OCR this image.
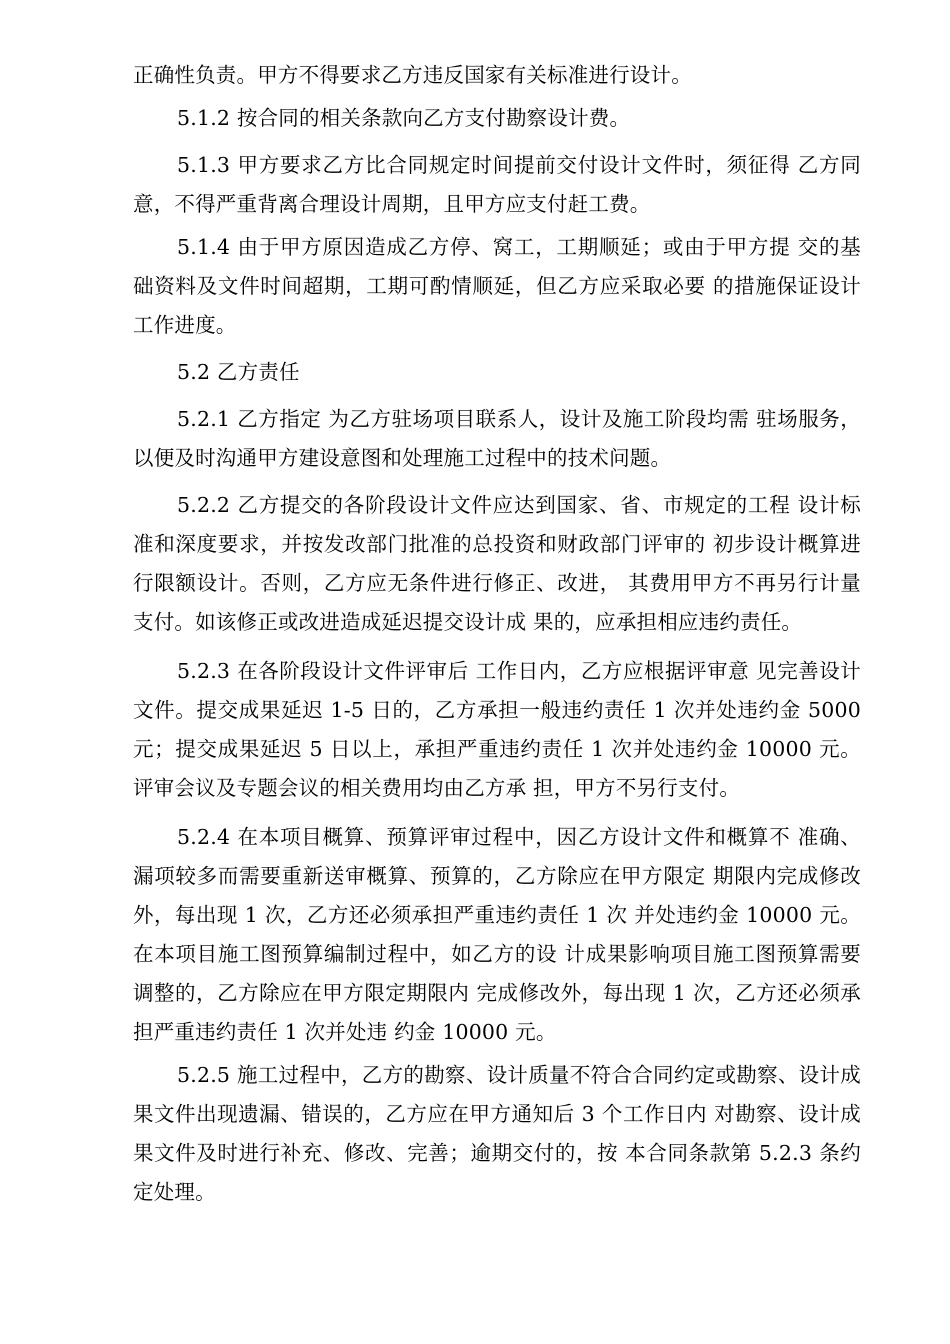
正确性负责。甲方不得要求乙方违反国家有关标准进行设计。

5.1.2 按合同的相关条款向乙方支付勘察设计费。

5.1.3 甲方要求乙方比合同规定时间提前交付设计文件时，须征得 乙方同意，不得严重背离合理设计周期，且甲方应支付赶工费。

5.1.4 由于甲方原因造成乙方停、窝工，工期顺延；或由于甲方提 交的基础资料及文件时间超期，工期可酌情顺延，但乙方应采取必要 的措施保证设计工作进度。

5.2 乙方责任

5.2.1 乙方指定 为乙方驻场项目联系人，设计及施工阶段均需 驻场服务，以便及时沟通甲方建设意图和处理施工过程中的技术问题。

5.2.2 乙方提交的各阶段设计文件应达到国家、省、市规定的工程 设计标准和深度要求，并按发改部门批准的总投资和财政部门评审的 初步设计概算进行限额设计。否则，乙方应无条件进行修正、改进， 其费用甲方不再另行计量支付。如该修正或改进造成延迟提交设计成 果的，应承担相应违约责任。

5.2.3 在各阶段设计文件评审后 工作日内，乙方应根据评审意 见完善设计文件。提交成果延迟 1-5 日的，乙方承担一般违约责任 1 次并处违约金 5000 元；提交成果延迟 5 日以上，承担严重违约责任 1 次并处违约金 10000 元。评审会议及专题会议的相关费用均由乙方承 担，甲方不另行支付。

5.2.4 在本项目概算、预算评审过程中，因乙方设计文件和概算不 准确、漏项较多而需要重新送审概算、预算的，乙方除应在甲方限定 期限内完成修改外，每出现 1 次，乙方还必须承担严重违约责任 1 次 并处违约金 10000 元。在本项目施工图预算编制过程中，如乙方的设 计成果影响项目施工图预算需要调整的，乙方除应在甲方限定期限内 完成修改外，每出现 1 次，乙方还必须承担严重违约责任 1 次并处违 约金 10000 元。

5.2.5 施工过程中，乙方的勘察、设计质量不符合合同约定或勘察、设计成果文件出现遗漏、错误的，乙方应在甲方通知后 3 个工作日内 对勘察、设计成果文件及时进行补充、修改、完善；逾期交付的，按 本合同条款第 5.2.3 条约定处理。
